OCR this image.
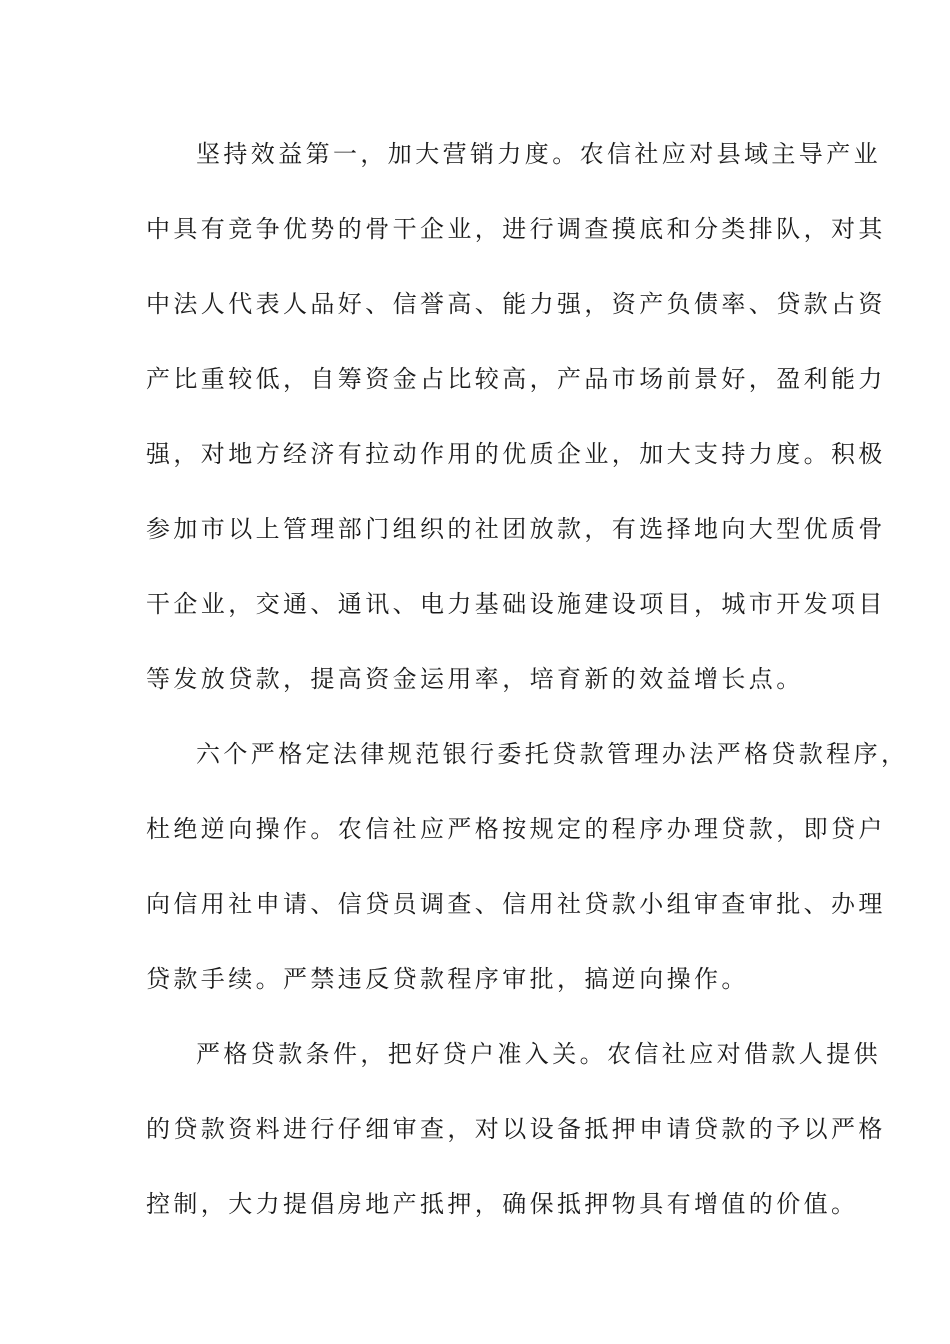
坚持效益第一，加大营销力度。农信社应对县域主导产业
中具有竞争优势的骨干企业，进行调查摸底和分类排队，对其
中法人代表人品好、信誉高、能力强，资产负债率、贷款占资
产比重较低，自筹资金占比较高，产品市场前景好，盈利能力
强，对地方经济有拉动作用的优质企业，加大支持力度。积极
参加市以上管理部门组织的社团放款，有选择地向大型优质骨
干企业，交通、通讯、电力基础设施建设项目，城市开发项目
等发放贷款，提高资金运用率，培育新的效益增长点。
六个严格定法律规范银行委托贷款管理办法严格贷款程序，
杜绝逆向操作。农信社应严格按规定的程序办理贷款，即贷户
向信用社申请、信贷员调查、信用社贷款小组审查审批、办理
贷款手续。严禁违反贷款程序审批，搞逆向操作。
严格贷款条件，把好贷户准入关。农信社应对借款人提供
的贷款资料进行仔细审查，对以设备抵押申请贷款的予以严格
控制，大力提倡房地产抵押，确保抵押物具有增值的价值。
